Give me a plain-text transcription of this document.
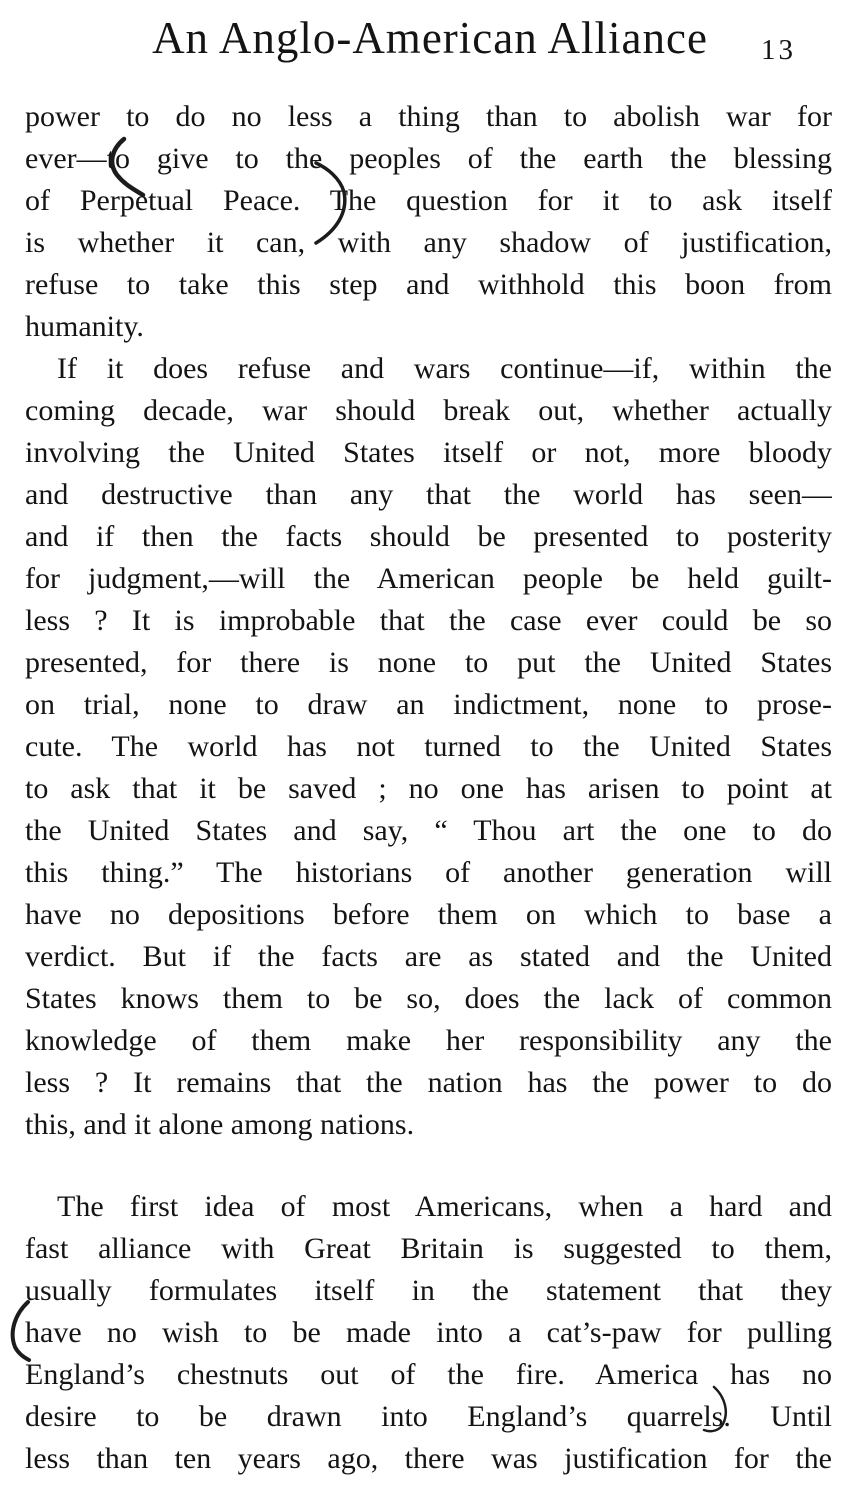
An Anglo-American Alliance 13
power to do no less a thing than to abolish war for
ever—to give to the peoples of the earth the blessing
of Perpetual Peace. The question for it to ask itself
is whether it can, with any shadow of justification,
refuse to take this step and withhold this boon from
humanity.
If it does refuse and wars continue—if, within the
coming decade, war should break out, whether actually
involving the United States itself or not, more bloody
and destructive than any that the world has seen—
and if then the facts should be presented to posterity
for judgment,—will the American people be held guilt-
less ? It is improbable that the case ever could be so
presented, for there is none to put the United States
on trial, none to draw an indictment, none to prose-
cute. The world has not turned to the United States
to ask that it be saved ; no one has arisen to point at
the United States and say, “ Thou art the one to do
this thing.” The historians of another generation will
have no depositions before them on which to base a
verdict. But if the facts are as stated and the United
States knows them to be so, does the lack of common
knowledge of them make her responsibility any the
less ? It remains that the nation has the power to do
this, and it alone among nations.
The first idea of most Americans, when a hard and
fast alliance with Great Britain is suggested to them,
usually formulates itself in the statement that they
have no wish to be made into a cat’s-paw for pulling
England’s chestnuts out of the fire. America has no
desire to be drawn into England’s quarrels. Until
less than ten years ago, there was justification for the
